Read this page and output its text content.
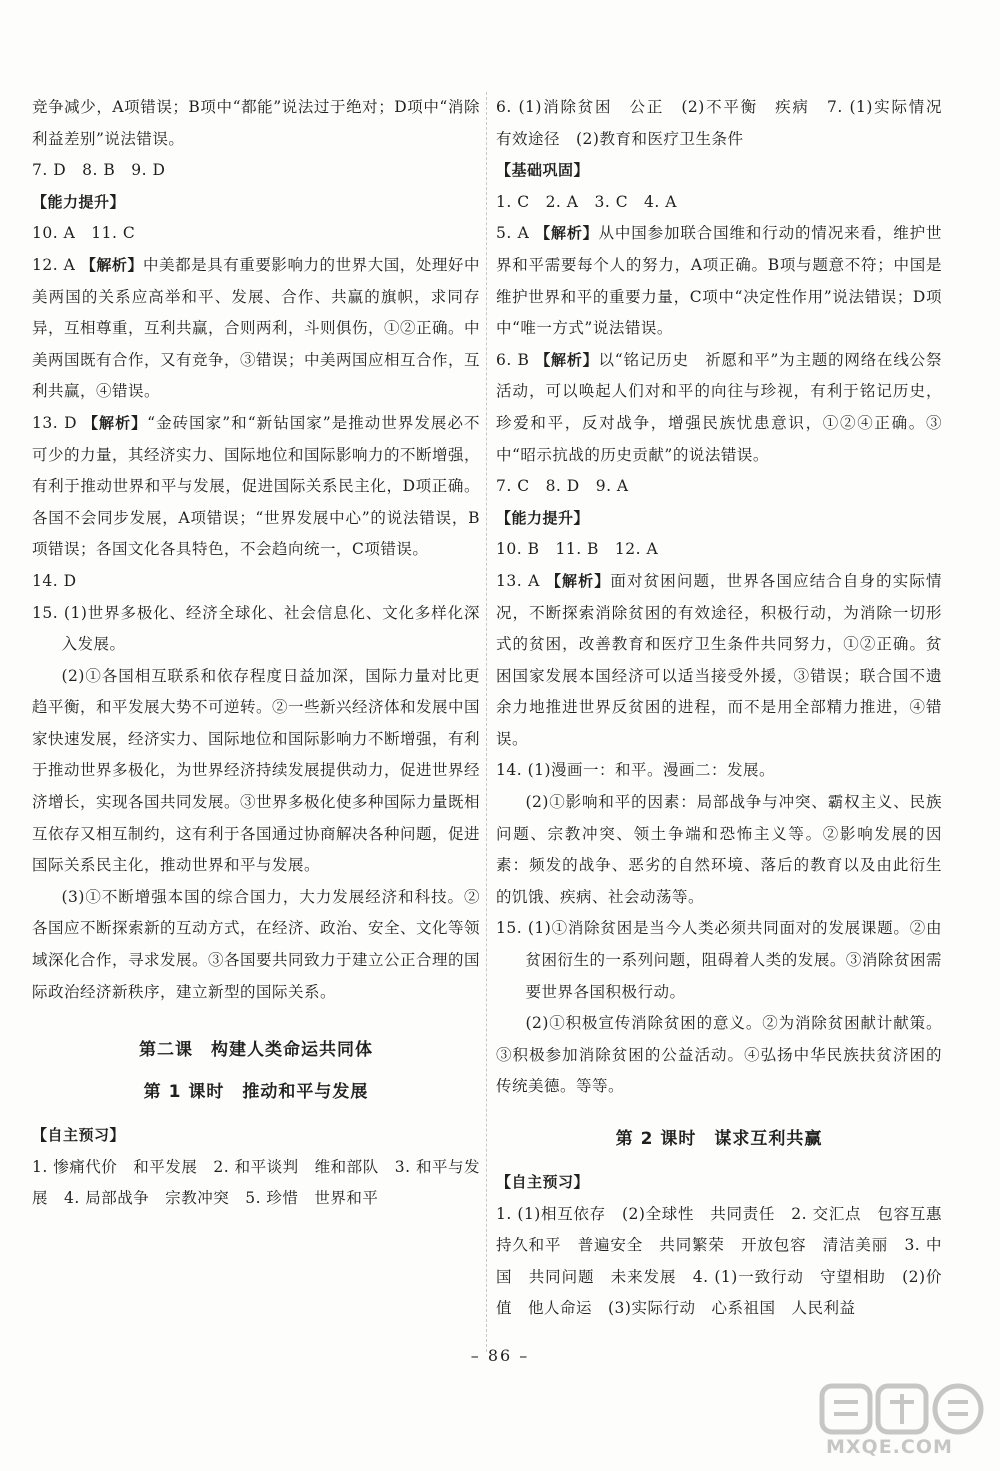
竞争减少，A项错误；B项中“都能”说法过于绝对；D项中“消除利益差别”说法错误。

7. D　8. B　9. D

【能力提升】

10. A　11. C

12. A 【解析】中美都是具有重要影响力的世界大国，处理好中美两国的关系应高举和平、发展、合作、共赢的旗帜，求同存异，互相尊重，互利共赢，合则两利，斗则俱伤，①②正确。中美两国既有合作，又有竞争，③错误；中美两国应相互合作，互利共赢，④错误。

13. D 【解析】“金砖国家”和“新钻国家”是推动世界发展必不可少的力量，其经济实力、国际地位和国际影响力的不断增强，有利于推动世界和平与发展，促进国际关系民主化，D项正确。各国不会同步发展，A项错误；“世界发展中心”的说法错误，B项错误；各国文化各具特色，不会趋向统一，C项错误。

14. D

15. (1)世界多极化、经济全球化、社会信息化、文化多样化深入发展。

(2)①各国相互联系和依存程度日益加深，国际力量对比更趋平衡，和平发展大势不可逆转。②一些新兴经济体和发展中国家快速发展，经济实力、国际地位和国际影响力不断增强，有利于推动世界多极化，为世界经济持续发展提供动力，促进世界经济增长，实现各国共同发展。③世界多极化使多种国际力量既相互依存又相互制约，这有利于各国通过协商解决各种问题，促进国际关系民主化，推动世界和平与发展。

(3)①不断增强本国的综合国力，大力发展经济和科技。②各国应不断探索新的互动方式，在经济、政治、安全、文化等领域深化合作，寻求发展。③各国要共同致力于建立公正合理的国际政治经济新秩序，建立新型的国际关系。

第二课　构建人类命运共同体

第 1 课时　推动和平与发展

【自主预习】

1. 惨痛代价　和平发展　2. 和平谈判　维和部队　3. 和平与发展　4. 局部战争　宗教冲突　5. 珍惜　世界和平

6. (1)消除贫困　公正　(2)不平衡　疾病　7. (1)实际情况　有效途径　(2)教育和医疗卫生条件

【基础巩固】

1. C　2. A　3. C　4. A

5. A 【解析】从中国参加联合国维和行动的情况来看，维护世界和平需要每个人的努力，A项正确。B项与题意不符；中国是维护世界和平的重要力量，C项中“决定性作用”说法错误；D项中“唯一方式”说法错误。

6. B 【解析】以“铭记历史　祈愿和平”为主题的网络在线公祭活动，可以唤起人们对和平的向往与珍视，有利于铭记历史，珍爱和平，反对战争，增强民族忧患意识，①②④正确。③中“昭示抗战的历史贡献”的说法错误。

7. C　8. D　9. A

【能力提升】

10. B　11. B　12. A

13. A 【解析】面对贫困问题，世界各国应结合自身的实际情况，不断探索消除贫困的有效途径，积极行动，为消除一切形式的贫困，改善教育和医疗卫生条件共同努力，①②正确。贫困国家发展本国经济可以适当接受外援，③错误；联合国不遗余力地推进世界反贫困的进程，而不是用全部精力推进，④错误。

14. (1)漫画一：和平。漫画二：发展。

(2)①影响和平的因素：局部战争与冲突、霸权主义、民族问题、宗教冲突、领土争端和恐怖主义等。②影响发展的因素：频发的战争、恶劣的自然环境、落后的教育以及由此衍生的饥饿、疾病、社会动荡等。

15. (1)①消除贫困是当今人类必须共同面对的发展课题。②由贫困衍生的一系列问题，阻碍着人类的发展。③消除贫困需要世界各国积极行动。

(2)①积极宣传消除贫困的意义。②为消除贫困献计献策。③积极参加消除贫困的公益活动。④弘扬中华民族扶贫济困的传统美德。等等。

第 2 课时　谋求互利共赢

【自主预习】

1. (1)相互依存　(2)全球性　共同责任　2. 交汇点　包容互惠　持久和平　普遍安全　共同繁荣　开放包容　清洁美丽　3. 中国　共同问题　未来发展　4. (1)一致行动　守望相助　(2)价值　他人命运　(3)实际行动　心系祖国　人民利益

– 86 –
MXQE.COM
